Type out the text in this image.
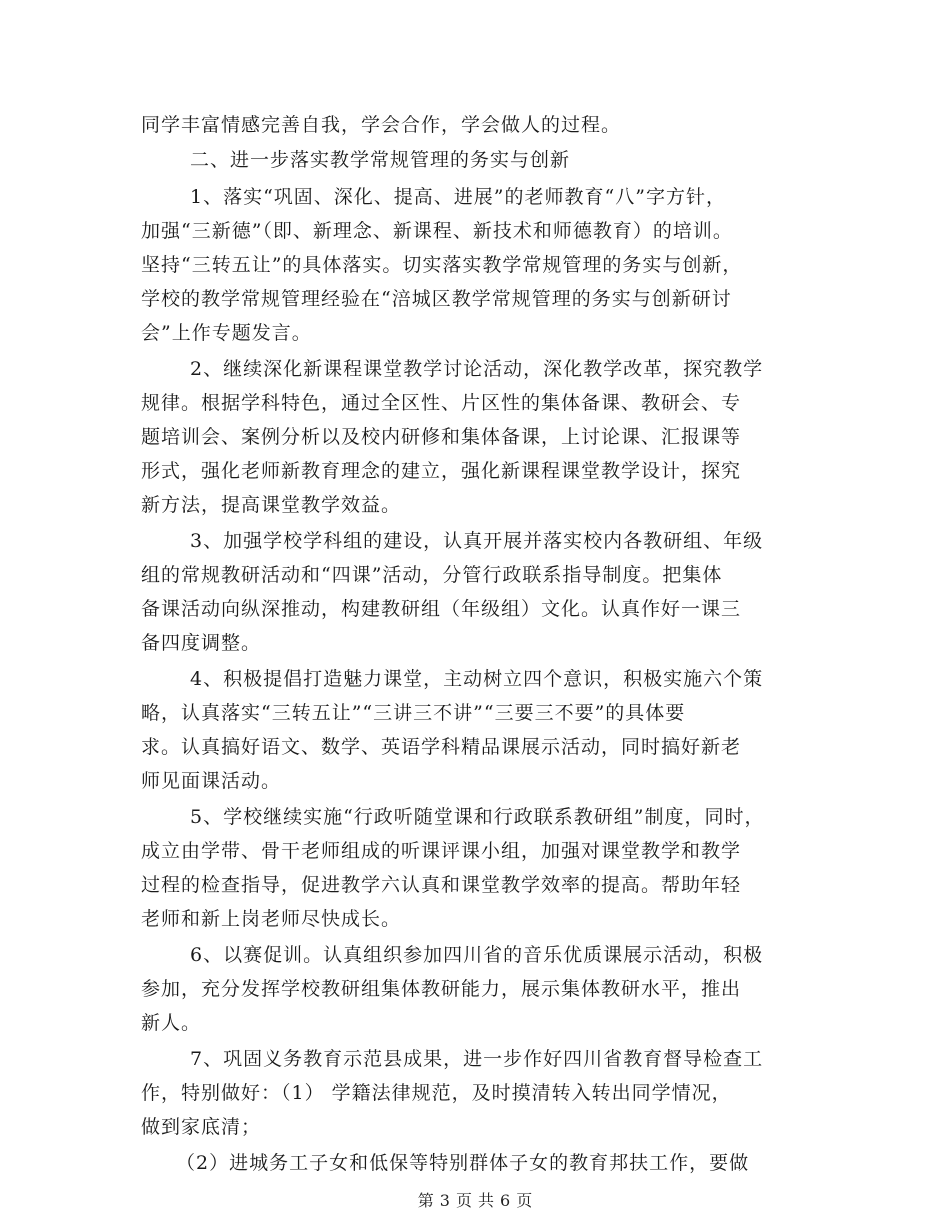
同学丰富情感完善自我，学会合作，学会做人的过程。
二、进一步落实教学常规管理的务实与创新
1、落实“巩固、深化、提高、进展”的老师教育“八”字方针，
加强“三新德”（即、新理念、新课程、新技术和师德教育）的培训。
坚持“三转五让”的具体落实。切实落实教学常规管理的务实与创新，
学校的教学常规管理经验在“涪城区教学常规管理的务实与创新研讨
会”上作专题发言。
2、继续深化新课程课堂教学讨论活动，深化教学改革，探究教学
规律。根据学科特色，通过全区性、片区性的集体备课、教研会、专
题培训会、案例分析以及校内研修和集体备课，上讨论课、汇报课等
形式，强化老师新教育理念的建立，强化新课程课堂教学设计，探究
新方法，提高课堂教学效益。
3、加强学校学科组的建设，认真开展并落实校内各教研组、年级
组的常规教研活动和“四课”活动，分管行政联系指导制度。把集体
备课活动向纵深推动，构建教研组（年级组）文化。认真作好一课三
备四度调整。
4、积极提倡打造魅力课堂，主动树立四个意识，积极实施六个策
略，认真落实“三转五让”“三讲三不讲”“三要三不要”的具体要
求。认真搞好语文、数学、英语学科精品课展示活动，同时搞好新老
师见面课活动。
5、学校继续实施“行政听随堂课和行政联系教研组”制度，同时，
成立由学带、骨干老师组成的听课评课小组，加强对课堂教学和教学
过程的检查指导，促进教学六认真和课堂教学效率的提高。帮助年轻
老师和新上岗老师尽快成长。
6、以赛促训。认真组织参加四川省的音乐优质课展示活动，积极
参加，充分发挥学校教研组集体教研能力，展示集体教研水平，推出
新人。
7、巩固义务教育示范县成果，进一步作好四川省教育督导检查工
作，特别做好：（1） 学籍法律规范，及时摸清转入转出同学情况，
做到家底清；
（2）进城务工子女和低保等特别群体子女的教育邦扶工作，要做
第 3 页 共 6 页
